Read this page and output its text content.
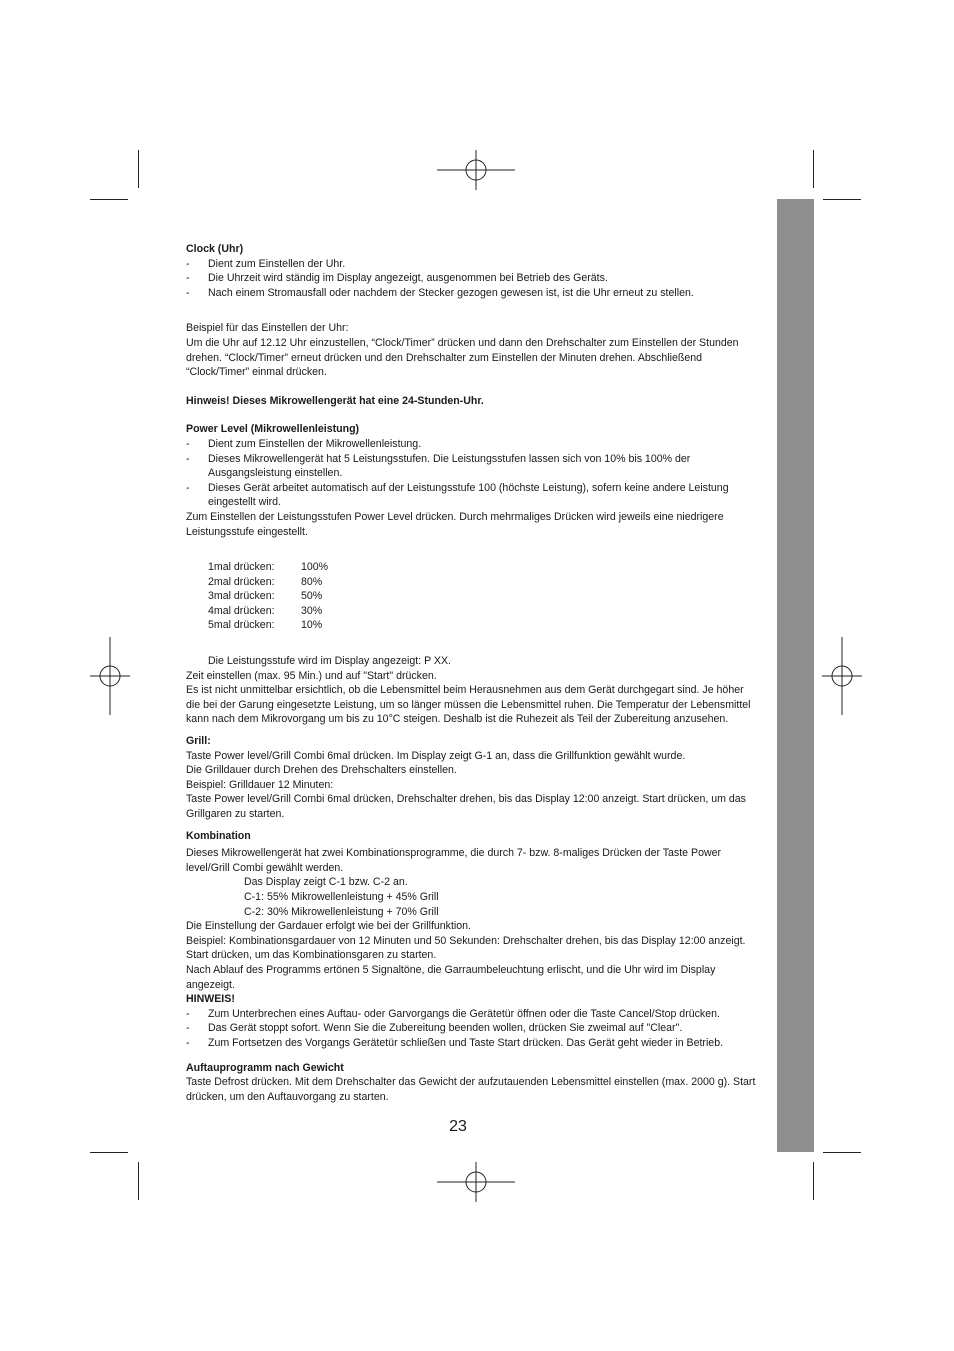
Clock (Uhr)

- Dient zum Einstellen der Uhr.
- Die Uhrzeit wird ständig im Display angezeigt, ausgenommen bei Betrieb des Geräts.
- Nach einem Stromausfall oder nachdem der Stecker gezogen gewesen ist, ist die Uhr erneut zu stellen.

Beispiel für das Einstellen der Uhr:

Um die Uhr auf 12.12 Uhr einzustellen, “Clock/Timer” drücken und dann den Drehschalter zum Einstellen der Stunden drehen. “Clock/Timer” erneut drücken und den Drehschalter zum Einstellen der Minuten drehen. Abschließend “Clock/Timer” einmal drücken.

Hinweis! Dieses Mikrowellengerät hat eine 24-Stunden-Uhr.

Power Level (Mikrowellenleistung)

- Dient zum Einstellen der Mikrowellenleistung.
- Dieses Mikrowellengerät hat 5 Leistungsstufen. Die Leistungsstufen lassen sich von 10% bis 100% der Ausgangsleistung einstellen.
- Dieses Gerät arbeitet automatisch auf der Leistungsstufe 100 (höchste Leistung), sofern keine andere Leistung eingestellt wird.

Zum Einstellen der Leistungsstufen Power Level drücken. Durch mehrmaliges Drücken wird jeweils eine niedrigere Leistungsstufe eingestellt.

1mal drücken: 100%
2mal drücken: 80%
3mal drücken: 50%
4mal drücken: 30%
5mal drücken: 10%

Die Leistungsstufe wird im Display angezeigt: P XX.

Zeit einstellen (max. 95 Min.) und auf "Start" drücken.

Es ist nicht unmittelbar ersichtlich, ob die Lebensmittel beim Herausnehmen aus dem Gerät durchgegart sind. Je höher die bei der Garung eingesetzte Leistung, um so länger müssen die Lebensmittel ruhen. Die Temperatur der Lebensmittel kann nach dem Mikrovorgang um bis zu 10°C steigen. Deshalb ist die Ruhezeit als Teil der Zubereitung anzusehen.

Grill:

Taste Power level/Grill Combi 6mal drücken. Im Display zeigt G-1 an, dass die Grillfunktion gewählt wurde.

Die Grilldauer durch Drehen des Drehschalters einstellen.

Beispiel: Grilldauer 12 Minuten:

Taste Power level/Grill Combi 6mal drücken, Drehschalter drehen, bis das Display 12:00 anzeigt. Start drücken, um das Grillgaren zu starten.

Kombination

Dieses Mikrowellengerät hat zwei Kombinationsprogramme, die durch 7- bzw. 8-maliges Drücken der Taste Power level/Grill Combi gewählt werden.

Das Display zeigt C-1 bzw. C-2 an.

C-1: 55% Mikrowellenleistung + 45% Grill

C-2: 30% Mikrowellenleistung + 70% Grill

Die Einstellung der Gardauer erfolgt wie bei der Grillfunktion.

Beispiel: Kombinationsgardauer von 12 Minuten und 50 Sekunden: Drehschalter drehen, bis das Display 12:00 anzeigt. Start drücken, um das Kombinationsgaren zu starten.

Nach Ablauf des Programms ertönen 5 Signaltöne, die Garraumbeleuchtung erlischt, und die Uhr wird im Display angezeigt.

HINWEIS!

- Zum Unterbrechen eines Auftau- oder Garvorgangs die Gerätetür öffnen oder die Taste Cancel/Stop drücken.
- Das Gerät stoppt sofort. Wenn Sie die Zubereitung beenden wollen, drücken Sie zweimal auf "Clear".
- Zum Fortsetzen des Vorgangs Gerätetür schließen und Taste Start drücken. Das Gerät geht wieder in Betrieb.

Auftauprogramm nach Gewicht

Taste Defrost drücken. Mit dem Drehschalter das Gewicht der aufzutauenden Lebensmittel einstellen (max. 2000 g). Start drücken, um den Auftauvorgang zu starten.

23
